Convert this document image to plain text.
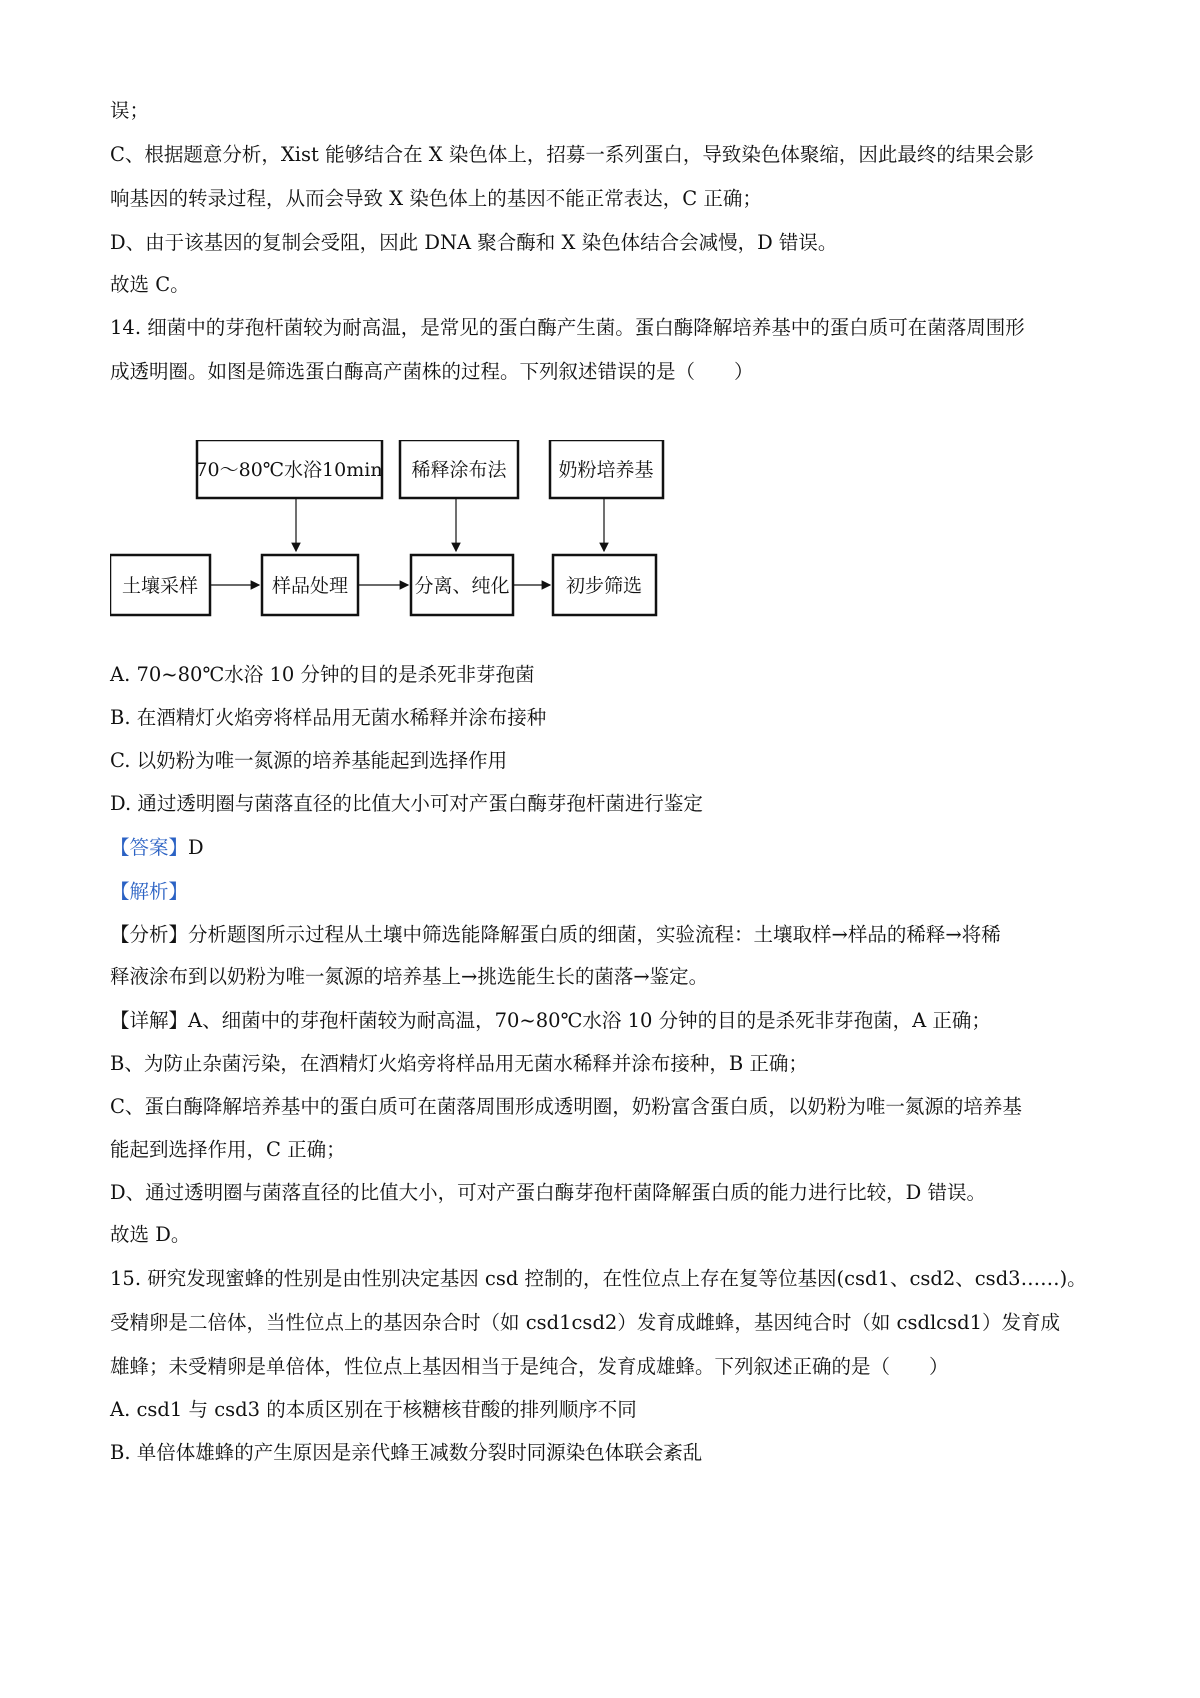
误；
C、根据题意分析，Xist 能够结合在 X 染色体上，招募一系列蛋白，导致染色体聚缩，因此最终的结果会影
响基因的转录过程，从而会导致 X 染色体上的基因不能正常表达，C 正确；
D、由于该基因的复制会受阻，因此 DNA 聚合酶和 X 染色体结合会减慢，D 错误。
故选 C。
14. 细菌中的芽孢杆菌较为耐高温，是常见的蛋白酶产生菌。蛋白酶降解培养基中的蛋白质可在菌落周围形
成透明圈。如图是筛选蛋白酶高产菌株的过程。下列叙述错误的是（　　）
70～80℃水浴10min 稀释涂布法	奶粉培养基
土壤采样	样品处理	分离、纯化	初步筛选
A. 70~80℃水浴 10 分钟的目的是杀死非芽孢菌
B. 在酒精灯火焰旁将样品用无菌水稀释并涂布接种
C. 以奶粉为唯一氮源的培养基能起到选择作用
D. 通过透明圈与菌落直径的比值大小可对产蛋白酶芽孢杆菌进行鉴定
【答案】D
【解析】
【分析】分析题图所示过程从土壤中筛选能降解蛋白质的细菌，实验流程：土壤取样→样品的稀释→将稀
释液涂布到以奶粉为唯一氮源的培养基上→挑选能生长的菌落→鉴定。
【详解】A、细菌中的芽孢杆菌较为耐高温，70~80℃水浴 10 分钟的目的是杀死非芽孢菌，A 正确；
B、为防止杂菌污染，在酒精灯火焰旁将样品用无菌水稀释并涂布接种，B 正确；
C、蛋白酶降解培养基中的蛋白质可在菌落周围形成透明圈，奶粉富含蛋白质，以奶粉为唯一氮源的培养基
能起到选择作用，C 正确；
D、通过透明圈与菌落直径的比值大小，可对产蛋白酶芽孢杆菌降解蛋白质的能力进行比较，D 错误。
故选 D。
15. 研究发现蜜蜂的性别是由性别决定基因 csd 控制的，在性位点上存在复等位基因(csd1、csd2、csd3……)。
受精卵是二倍体，当性位点上的基因杂合时（如 csd1csd2）发育成雌蜂，基因纯合时（如 csdlcsd1）发育成
雄蜂；未受精卵是单倍体，性位点上基因相当于是纯合，发育成雄蜂。下列叙述正确的是（　　）
A. csd1 与 csd3 的本质区别在于核糖核苷酸的排列顺序不同
B. 单倍体雄蜂的产生原因是亲代蜂王减数分裂时同源染色体联会紊乱
